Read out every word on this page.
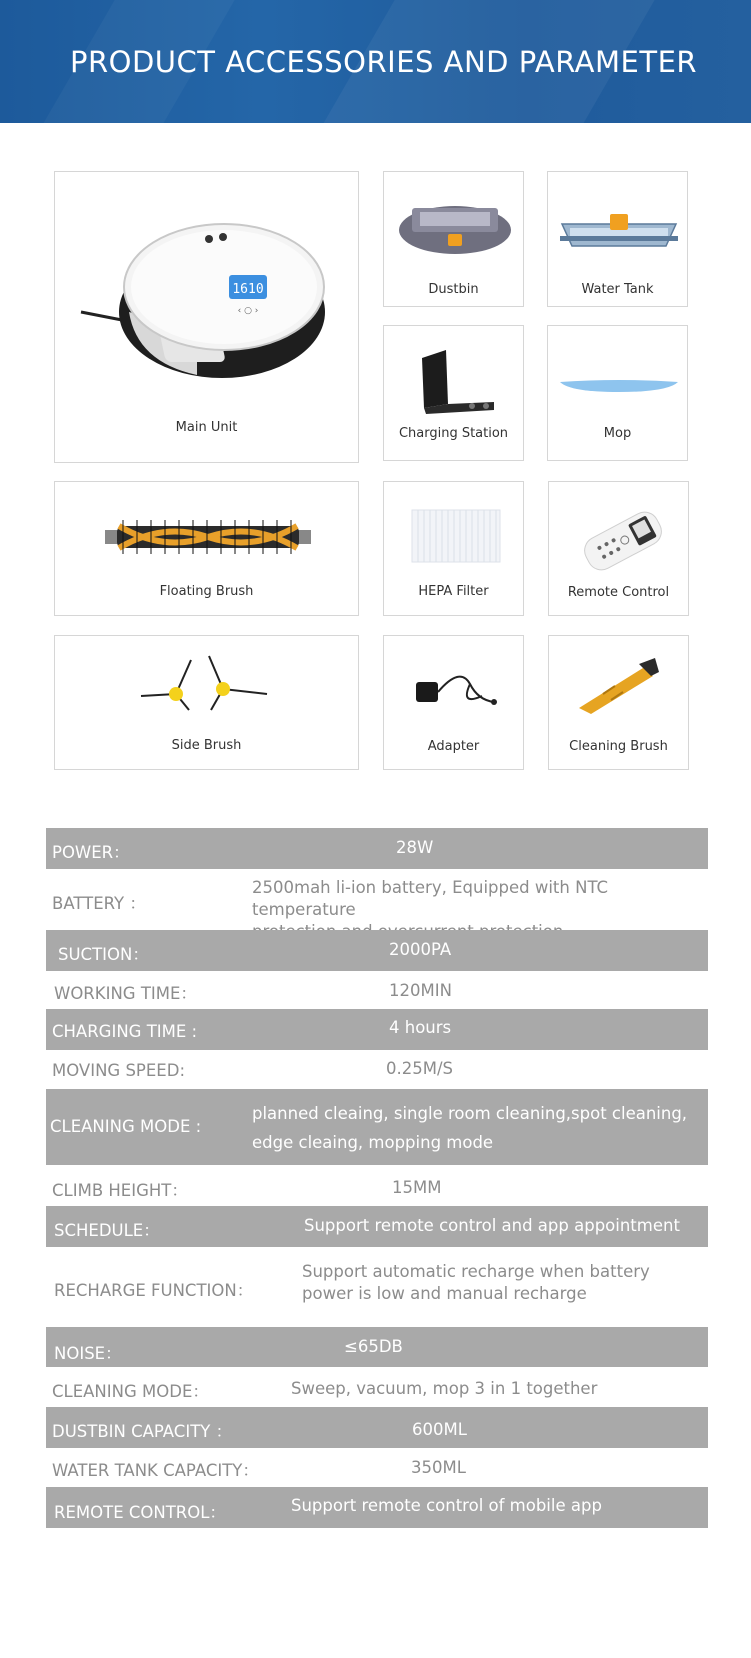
PRODUCT ACCESSORIES AND PARAMETER
1610
‹ ○ ›
Main Unit
Dustbin	Water Tank
Charging Station	Mop
Floating Brush	HEPA Filter	Remote Control
Side Brush	Adapter	Cleaning Brush
POWER：	28W
BATTERY ：
2500mah li-ion battery, Equipped with NTC temperature

SUCTION：	2000PA
WORKING TIME：	120MIN
CHARGING TIME :	4 hours
MOVING SPEED:	0.25M/S
CLEANING MODE :
planned cleaing, single room cleaning,spot cleaning,
edge cleaing, mopping mode
CLIMB HEIGHT：	15MM
SCHEDULE：	Support remote control and app appointment
RECHARGE FUNCTION：
Support automatic recharge when battery
power is low and manual recharge
NOISE：	≤65DB
CLEANING MODE：	Sweep, vacuum, mop 3 in 1 together
DUSTBIN CAPACITY ：	600ML
WATER TANK CAPACITY：	350ML
REMOTE CONTROL：	Support remote control of mobile app
